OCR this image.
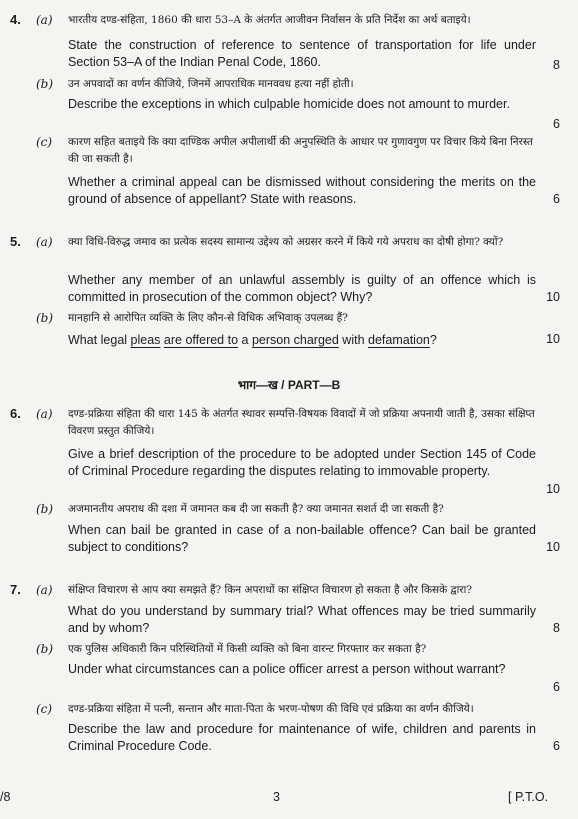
4. (a) भारतीय दण्ड-संहिता, 1860 की धारा 53–A के अंतर्गत आजीवन निर्वासन के प्रति निर्देश का अर्थ बताइये।
State the construction of reference to sentence of transportation for life under Section 53–A of the Indian Penal Code, 1860.	8
(b) उन अपवादों का वर्णन कीजिये, जिनमें आपराधिक मानववध हत्या नहीं होती।
Describe the exceptions in which culpable homicide does not amount to murder.
6
(c) कारण सहित बताइये कि क्या दाण्डिक अपील अपीलार्थी की अनुपस्थिति के आधार पर गुणावगुण पर विचार किये बिना निरस्त की जा सकती है।
Whether a criminal appeal can be dismissed without considering the merits on the ground of absence of appellant? State with reasons.	6
5. (a) क्या विधि-विरुद्ध जमाव का प्रत्येक सदस्य सामान्य उद्देश्य को अग्रसर करने में किये गये अपराध का दोषी होगा? क्यों?
Whether any member of an unlawful assembly is guilty of an offence which is committed in prosecution of the common object? Why?	10
(b) मानहानि से आरोपित व्यक्ति के लिए कौन-से विधिक अभिवाक् उपलब्ध हैं?
What legal pleas are offered to a person charged with defamation?	10
भाग—ख / PART—B
6. (a) दण्ड-प्रक्रिया संहिता की धारा 145 के अंतर्गत स्थावर सम्पत्ति-विषयक विवादों में जो प्रक्रिया अपनायी जाती है, उसका संक्षिप्त विवरण प्रस्तुत कीजिये।
Give a brief description of the procedure to be adopted under Section 145 of Code of Criminal Procedure regarding the disputes relating to immovable property.
10
(b) अजमानतीय अपराध की दशा में जमानत कब दी जा सकती है? क्या जमानत सशर्त दी जा सकती है?
When can bail be granted in case of a non-bailable offence? Can bail be granted subject to conditions?	10
7. (a) संक्षिप्त विचारण से आप क्या समझते हैं? किन अपराधों का संक्षिप्त विचारण हो सकता है और किसके द्वारा?
What do you understand by summary trial? What offences may be tried summarily and by whom?	8
(b) एक पुलिस अधिकारी किन परिस्थितियों में किसी व्यक्ति को बिना वारन्ट गिरफ्तार कर सकता है?
Under what circumstances can a police officer arrest a person without warrant?
6
(c) दण्ड-प्रक्रिया संहिता में पत्नी, सन्तान और माता-पिता के भरण-पोषण की विधि एवं प्रक्रिया का वर्णन कीजिये।
Describe the law and procedure for maintenance of wife, children and parents in Criminal Procedure Code.	6
/8	3	[ P.T.O.
